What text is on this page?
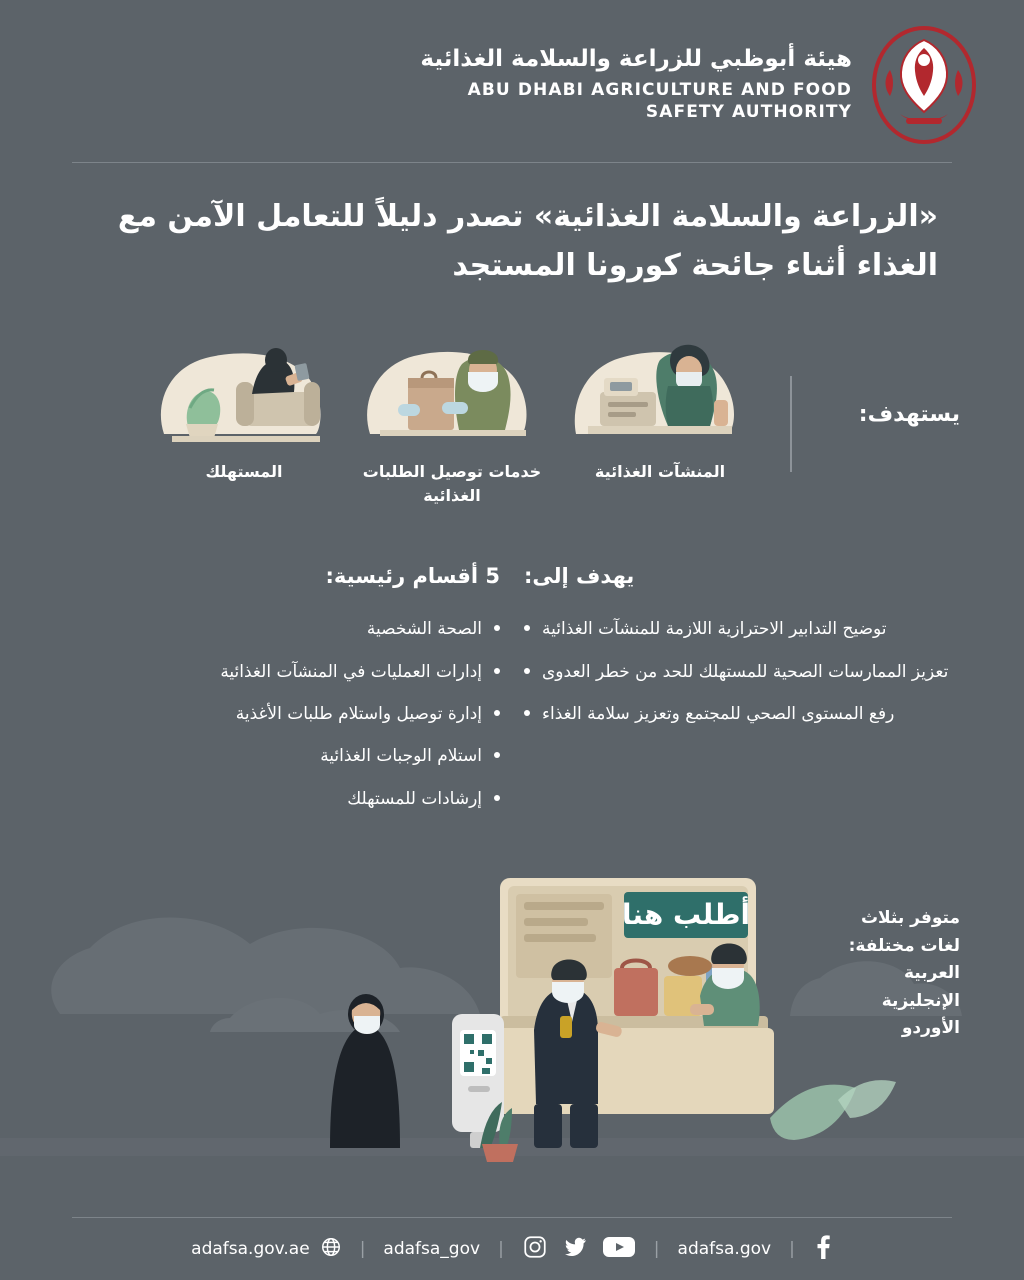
هيئة أبوظبي للزراعة والسلامة الغذائية
ABU DHABI AGRICULTURE AND FOOD
SAFETY AUTHORITY
«الزراعة والسلامة الغذائية» تصدر دليلاً للتعامل الآمن مع الغذاء أثناء جائحة كورونا المستجد
يستهدف:
المنشآت الغذائية
خدمات توصيل الطلبات الغذائية
المستهلك
يهدف إلى:
توضيح التدابير الاحترازية اللازمة للمنشآت الغذائية
تعزيز الممارسات الصحية للمستهلك للحد من خطر العدوى
رفع المستوى الصحي للمجتمع وتعزيز سلامة الغذاء
5 أقسام رئيسية:
الصحة الشخصية
إدارات العمليات في المنشآت الغذائية
إدارة توصيل واستلام طلبات الأغذية
استلام الوجبات الغذائية
إرشادات للمستهلك
متوفر بثلاث
لغات مختلفة:
العربية
الإنجليزية
الأوردو
أطلب هنا
adafsa.gov.ae	| adafsa_gov |	| adafsa.gov |
